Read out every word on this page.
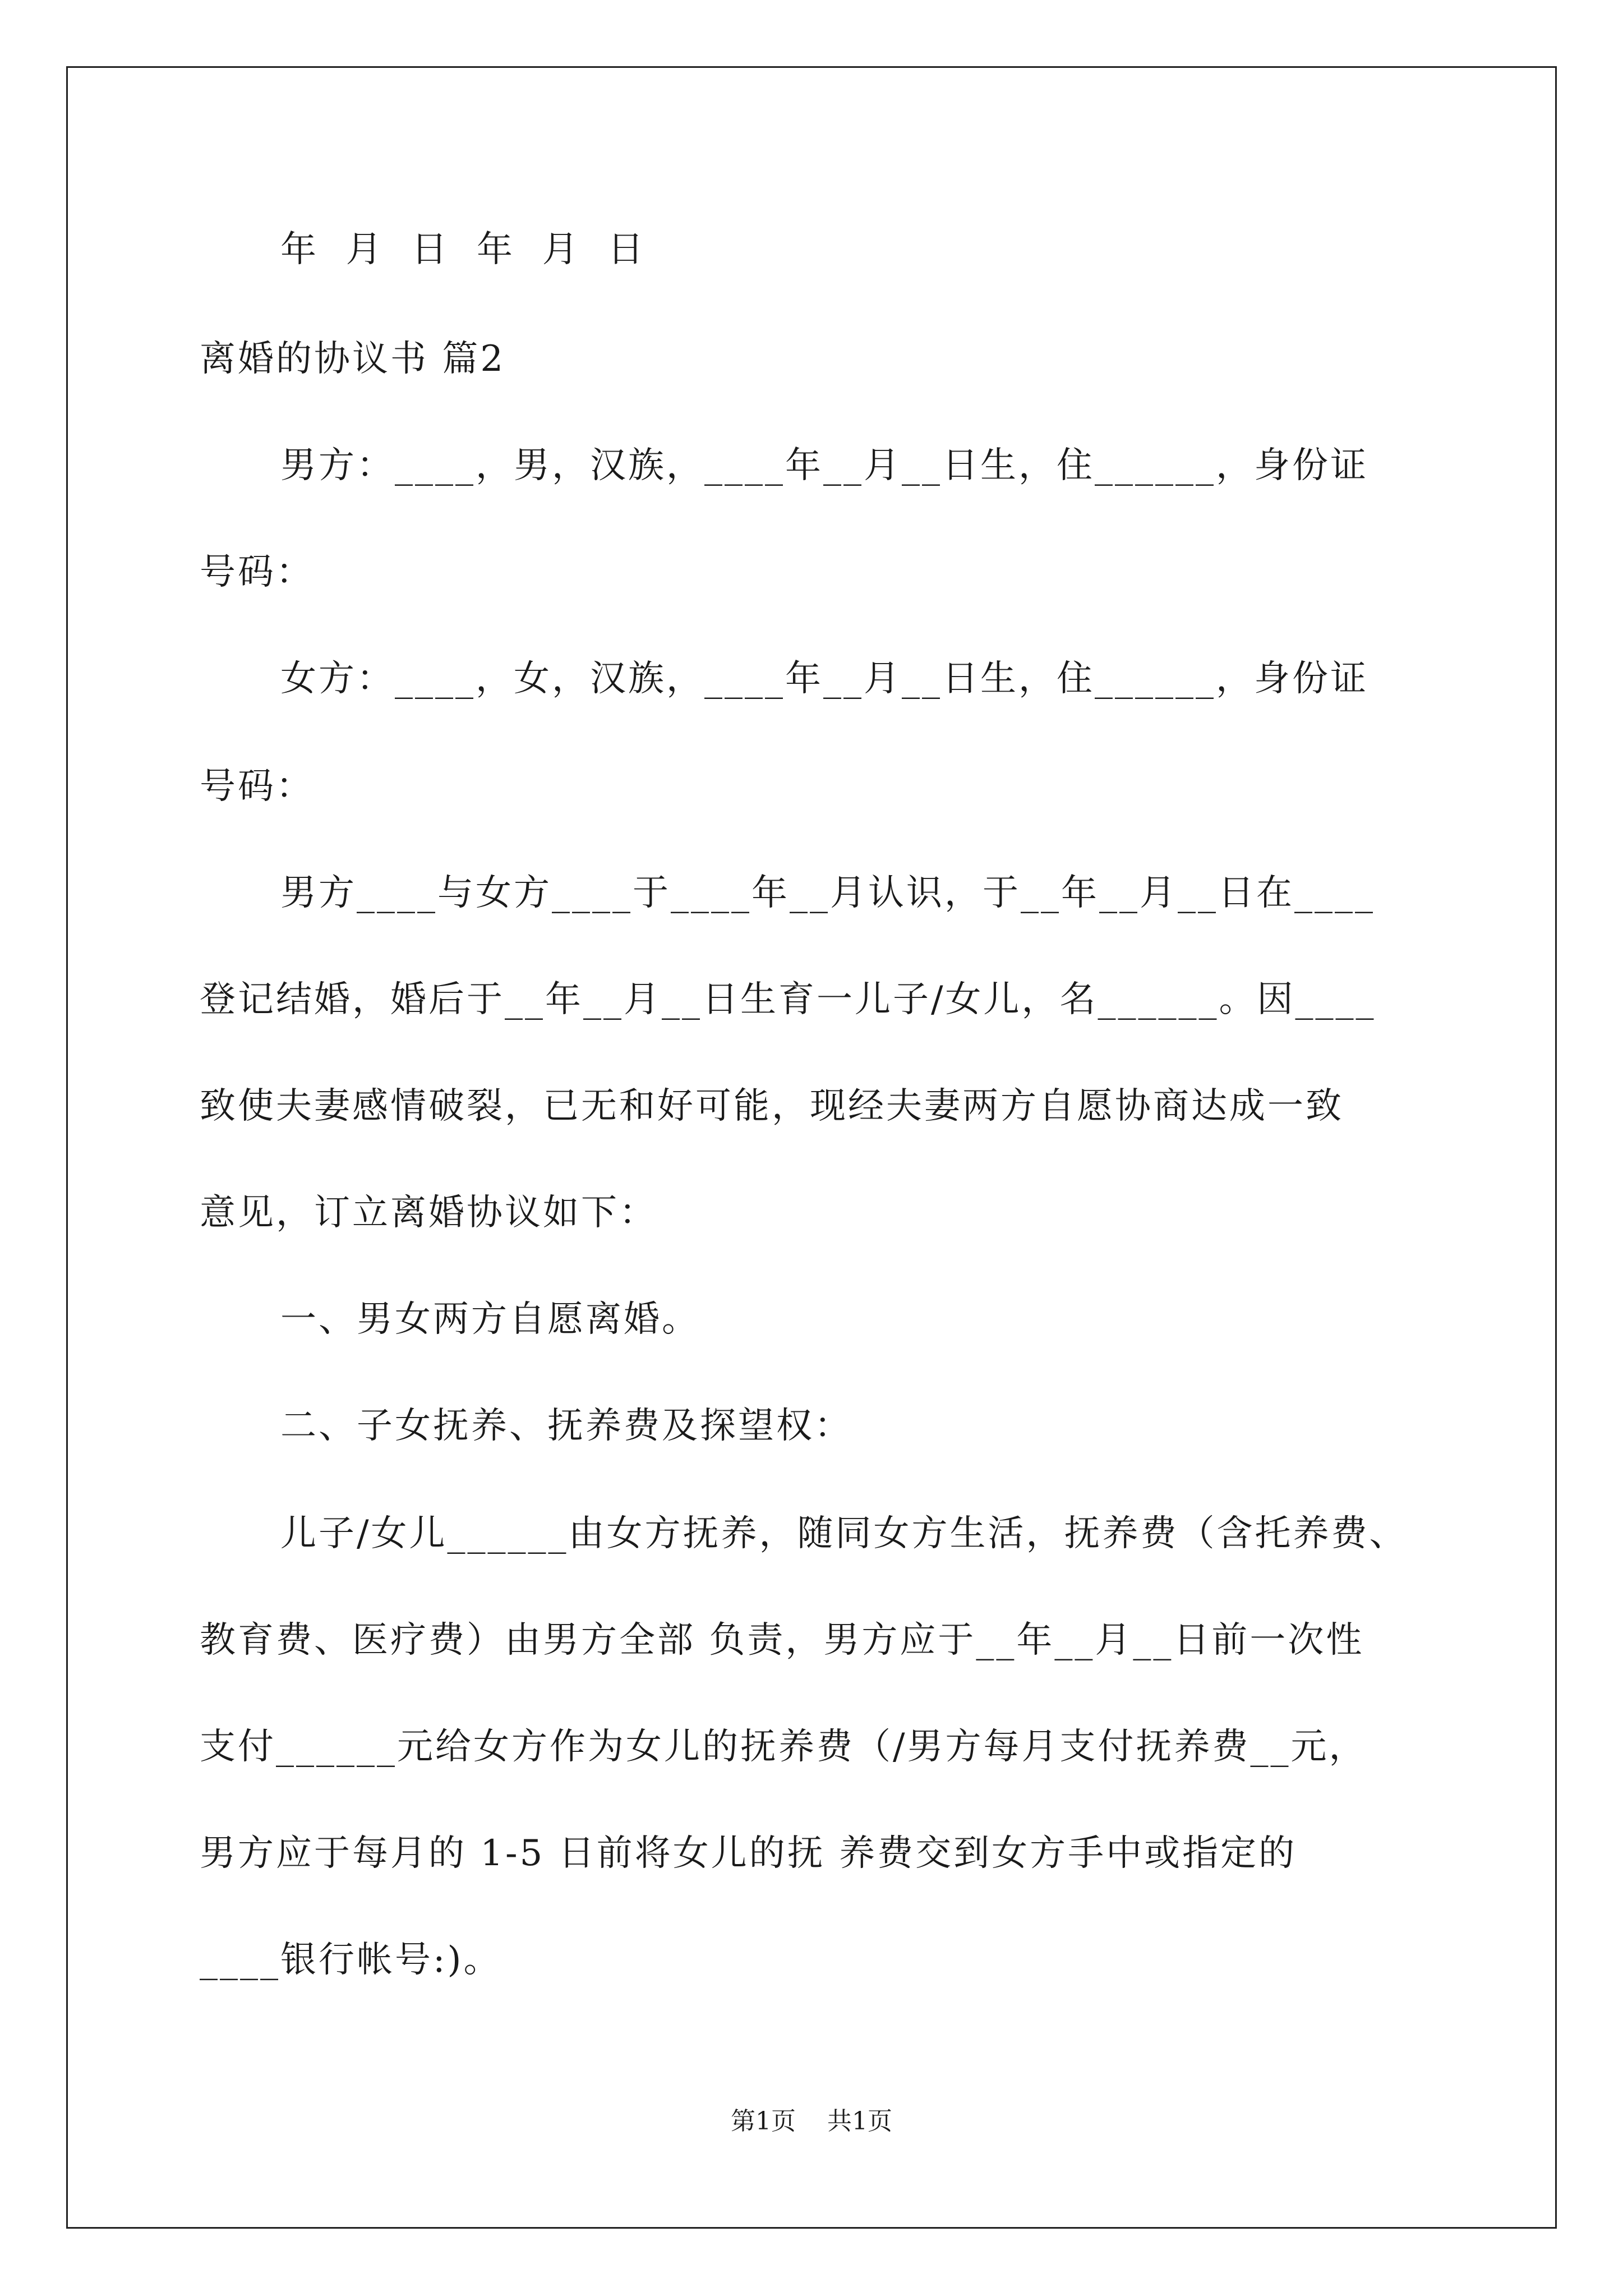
年  月  日  年  月  日
离婚的协议书 篇2
男方：____，男，汉族，____年__月__日生，住______，身份证
号码：
女方：____，女，汉族，____年__月__日生，住______，身份证
号码：
男方____与女方____于____年__月认识，于__年__月__日在____
登记结婚，婚后于__年__月__日生育一儿子/女儿，名______。因____
致使夫妻感情破裂，已无和好可能，现经夫妻两方自愿协商达成一致
意见，订立离婚协议如下：
一、男女两方自愿离婚。
二、子女抚养、抚养费及探望权：
儿子/女儿______由女方抚养，随同女方生活，抚养费（含托养费、
教育费、医疗费）由男方全部 负责，男方应于__年__月__日前一次性
支付______元给女方作为女儿的抚养费（/男方每月支付抚养费__元，
男方应于每月的 1-5 日前将女儿的抚 养费交到女方手中或指定的
____银行帐号:)。
第1页    共1页
